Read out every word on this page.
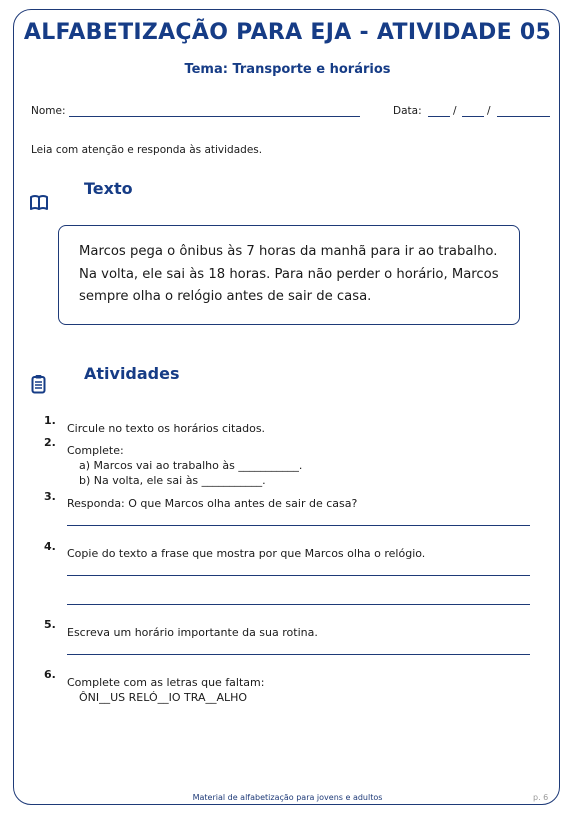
ALFABETIZAÇÃO PARA EJA - ATIVIDADE 05
Tema: Transporte e horários
Nome:	Data:	/	/
Leia com atenção e responda às atividades.
Texto
Marcos pega o ônibus às 7 horas da manhã para ir ao trabalho.
Na volta, ele sai às 18 horas. Para não perder o horário, Marcos
sempre olha o relógio antes de sair de casa.
Atividades
1.
Circule no texto os horários citados.
2.
Complete:
a) Marcos vai ao trabalho às ___________.
b) Na volta, ele sai às ___________.
3.
Responda: O que Marcos olha antes de sair de casa?
4.
Copie do texto a frase que mostra por que Marcos olha o relógio.
5.
Escreva um horário importante da sua rotina.
6.
Complete com as letras que faltam:
ÔNI__US RELÓ__IO TRA__ALHO
Material de alfabetização para jovens e adultos	p. 6
